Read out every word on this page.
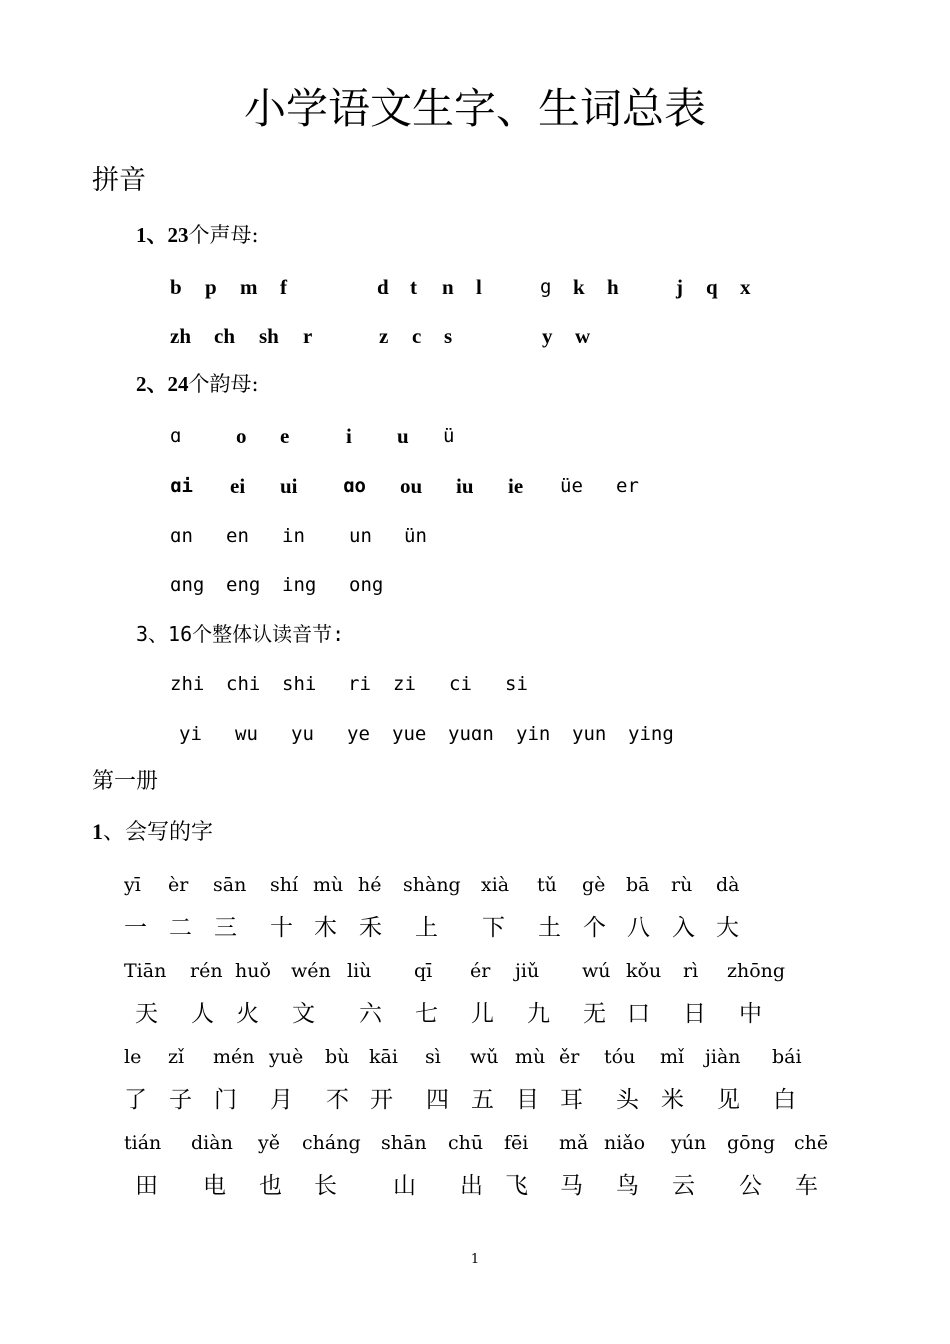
小学语文生字、生词总表
拼音
1、23个声母:
b p m f	d t n l	g k h	j q x
zh ch sh r	z c s	y w
2、24个韵母:
ɑ	o e	i u ü
ɑi ei ui ɑo ou iu ie üe er
ɑn en in un ün
ɑng eng ing ong
3、16个整体认读音节:
zhi chi shi ri zi ci si
yi wu yu ye yue yuɑn yin yun ying
第一册
1、会写的字
yī èr sān shí mù hé shàng xià tǔ gè bā rù dà
一 二 三 十 木 禾 上 下 土 个 八 入 大
Tiān rén huǒ wén liù qī ér jiǔ wú kǒu rì zhōng
天 人 火 文 六 七 儿 九 无 口 日 中
le zǐ mén yuè bù kāi sì wǔ mù ěr tóu mǐ jiàn bái
了 子 门 月 不 开 四 五 目 耳 头 米 见 白
tián diàn yě cháng shān chū fēi mǎ niǎo yún gōng chē
田 电 也 长 山 出 飞 马 鸟 云 公 车
1
